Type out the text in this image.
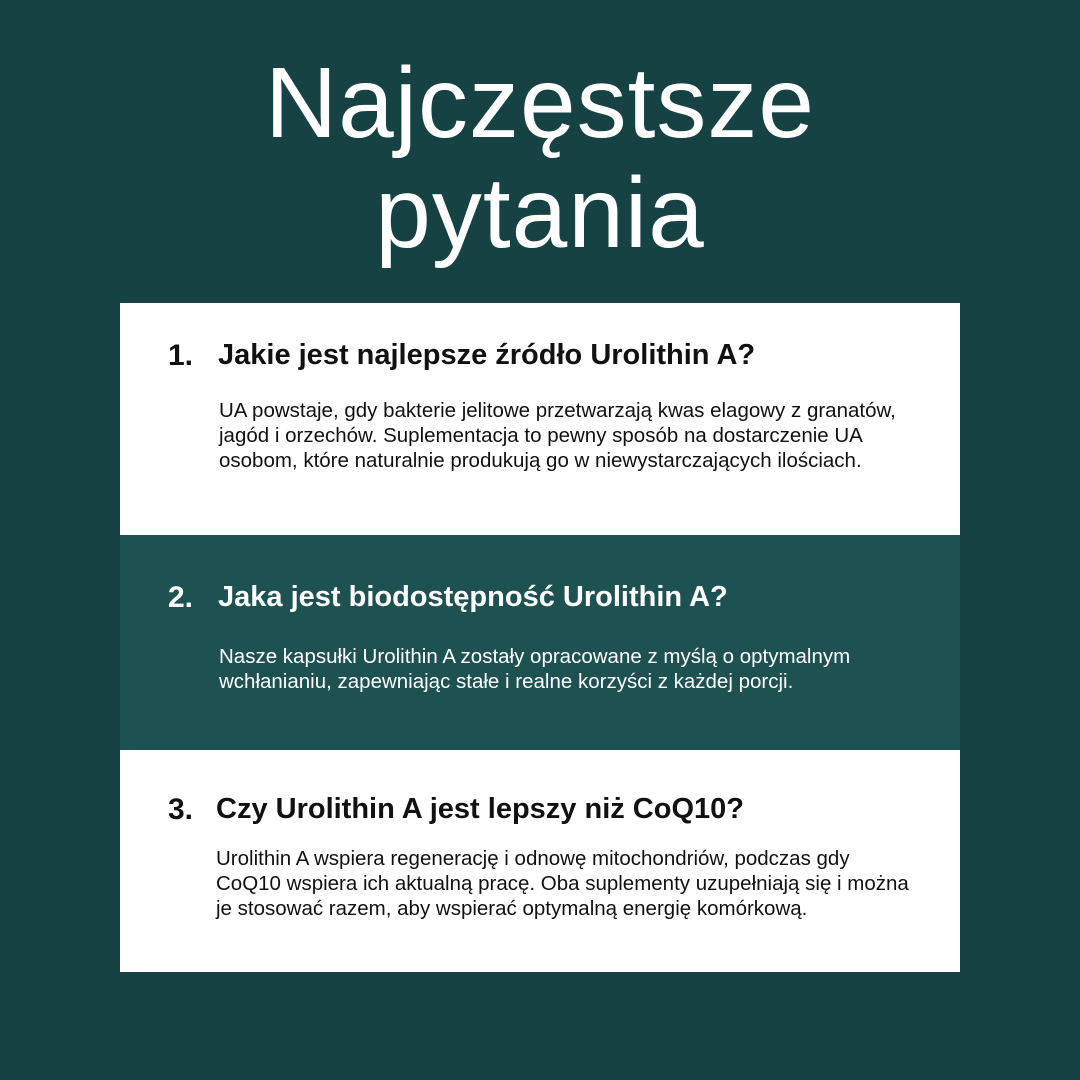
Najczęstsze
pytania
1. Jakie jest najlepsze źródło Urolithin A?
UA powstaje, gdy bakterie jelitowe przetwarzają kwas elagowy z granatów, jagód i orzechów. Suplementacja to pewny sposób na dostarczenie UA osobom, które naturalnie produkują go w niewystarczających ilościach.
2. Jaka jest biodostępność Urolithin A?
Nasze kapsułki Urolithin A zostały opracowane z myślą o optymalnym wchłanianiu, zapewniając stałe i realne korzyści z każdej porcji.
3. Czy Urolithin A jest lepszy niż CoQ10?
Urolithin A wspiera regenerację i odnowę mitochondriów, podczas gdy CoQ10 wspiera ich aktualną pracę. Oba suplementy uzupełniają się i można je stosować razem, aby wspierać optymalną energię komórkową.
